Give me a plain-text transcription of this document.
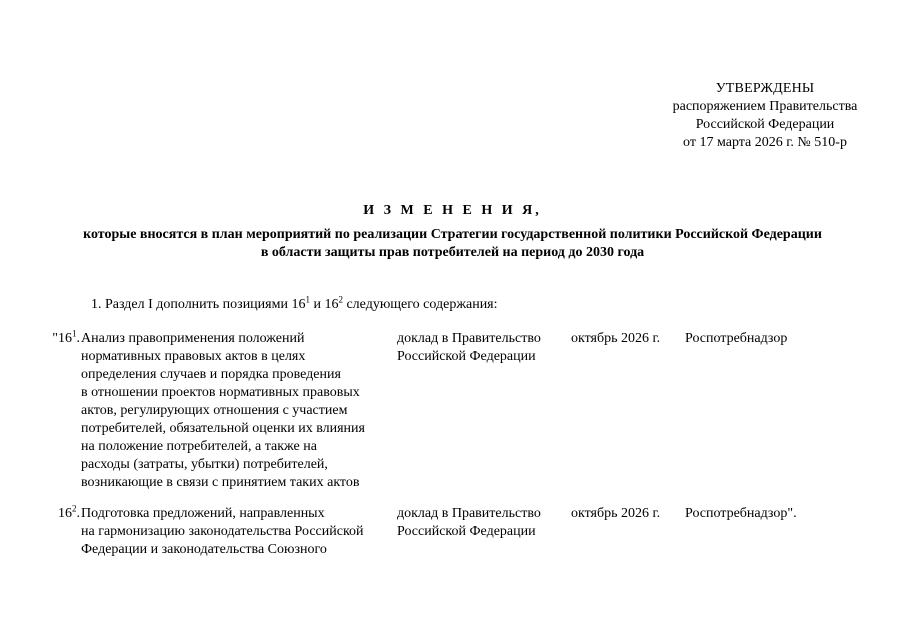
УТВЕРЖДЕНЫ
распоряжением Правительства
Российской Федерации
от 17 марта 2026 г. № 510-р
И З М Е Н Е Н И Я,
которые вносятся в план мероприятий по реализации Стратегии государственной политики Российской Федерации
в области защиты прав потребителей на период до 2030 года
1. Раздел I дополнить позициями $16^1$ и $16^2$ следующего содержания:
"$16^1$. Анализ правоприменения положений
нормативных правовых актов в целях
определения случаев и порядка проведения
в отношении проектов нормативных правовых
актов, регулирующих отношения с участием
потребителей, обязательной оценки их влияния
на положение потребителей, а также на
расходы (затраты, убытки) потребителей,
возникающие в связи с принятием таких актов
доклад в Правительство
Российской Федерации
октябрь 2026 г.	Роспотребнадзор
$16^2$. Подготовка предложений, направленных
на гармонизацию законодательства Российской
Федерации и законодательства Союзного
доклад в Правительство
Российской Федерации
октябрь 2026 г.	Роспотребнадзор".
